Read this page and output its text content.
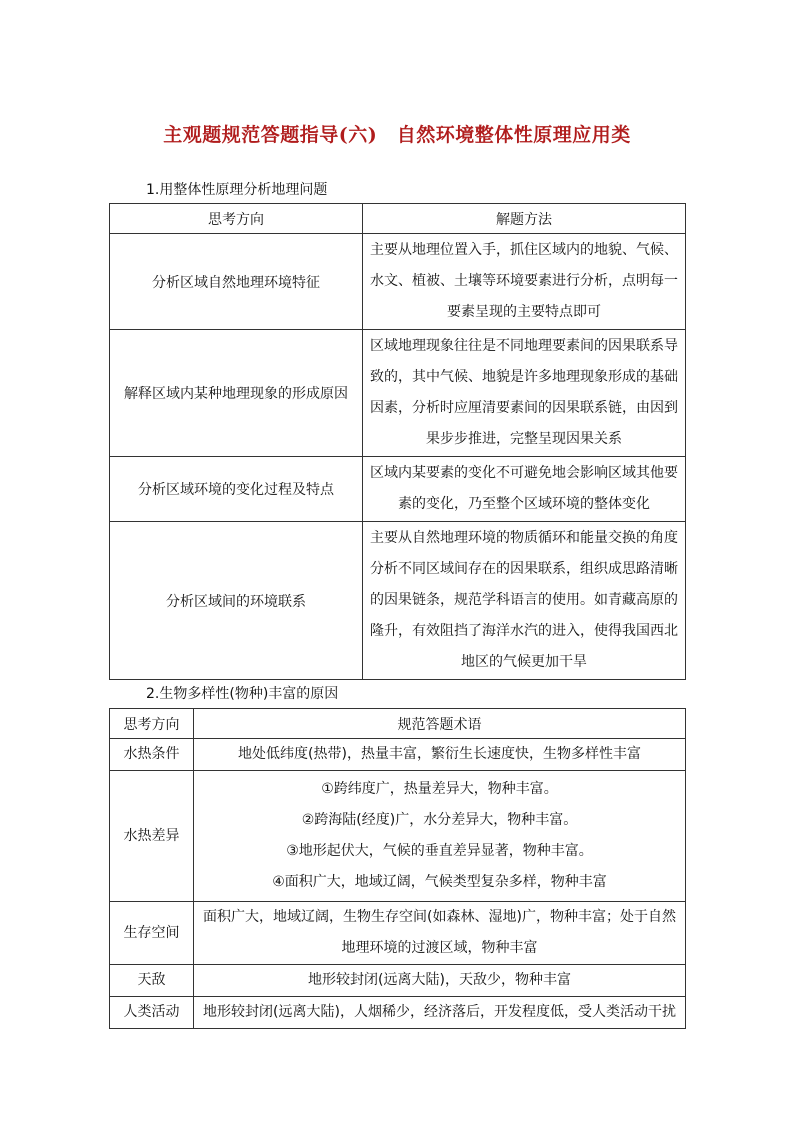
主观题规范答题指导(六)　自然环境整体性原理应用类
1.用整体性原理分析地理问题
思考方向	解题方法
分析区域自然地理环境特征	主要从地理位置入手，抓住区域内的地貌、气候、
水文、植被、土壤等环境要素进行分析，点明每一
要素呈现的主要特点即可

解释区域内某种地理现象的形成原因	区域地理现象往往是不同地理要素间的因果联系导
致的，其中气候、地貌是许多地理现象形成的基础
因素，分析时应厘清要素间的因果联系链，由因到
果步步推进，完整呈现因果关系

分析区域环境的变化过程及特点	区域内某要素的变化不可避免地会影响区域其他要
素的变化，乃至整个区域环境的整体变化

分析区域间的环境联系	主要从自然地理环境的物质循环和能量交换的角度
分析不同区域间存在的因果联系，组织成思路清晰
的因果链条，规范学科语言的使用。如青藏高原的
隆升，有效阻挡了海洋水汽的进入，使得我国西北
地区的气候更加干旱
2.生物多样性(物种)丰富的原因
思考方向	规范答题术语
水热条件	地处低纬度(热带)，热量丰富，繁衍生长速度快，生物多样性丰富

水热差异	①跨纬度广，热量差异大，物种丰富。
②跨海陆(经度)广，水分差异大，物种丰富。
③地形起伏大，气候的垂直差异显著，物种丰富。
④面积广大，地域辽阔，气候类型复杂多样，物种丰富

生存空间	面积广大，地域辽阔，生物生存空间(如森林、湿地)广，物种丰富；处于自然
地理环境的过渡区域，物种丰富

天敌	地形较封闭(远离大陆)，天敌少，物种丰富

人类活动	地形较封闭(远离大陆)，人烟稀少，经济落后，开发程度低，受人类活动干扰
